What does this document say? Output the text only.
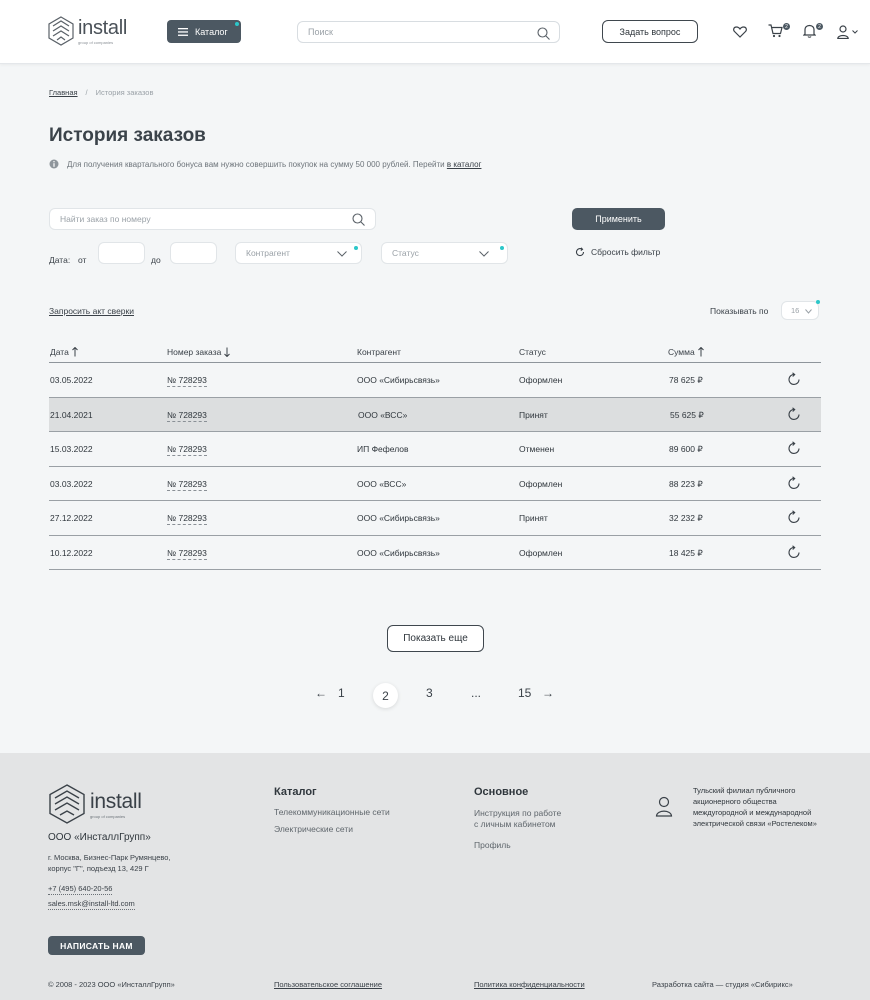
install
group of companies
Каталог	Поиск	Задать вопрос	2	2
Главная / История заказов
История заказов
Для получения квартального бонуса вам нужно совершить покупок на сумму 50 000 рублей. Перейти в каталог
Найти заказ по номеру	Применить
Дата: от	до
Контрагент	Статус	Сбросить фильтр
Запросить акт сверки	Показывать по	16
Дата	Номер заказа	Контрагент	Статус	Сумма
03.05.2022	№ 728293	ООО «Сибирьсвязь»	Оформлен	78 625 ₽
21.04.2021	№ 728293	ООО «ВСС»	Принят	55 625 ₽
15.03.2022	№ 728293	ИП Фефелов	Отменен	89 600 ₽
03.03.2022	№ 728293	ООО «ВСС»	Оформлен	88 223 ₽
27.12.2022	№ 728293	ООО «Сибирьсвязь»	Принят	32 232 ₽
10.12.2022	№ 728293	ООО «Сибирьсвязь»	Оформлен	18 425 ₽
Показать еще
← 1	2	3	...	15 →
install
group of companies
ООО «ИнсталлГрупп»
г. Москва, Бизнес-Парк Румянцево,
корпус "Г", подъезд 13, 429 Г
+7 (495) 640-20-56
sales.msk@install-ltd.com
НАПИСАТЬ НАМ
Каталог
Телекоммуникационные сети
Электрические сети
Основное
Инструкция по работе
с личным кабинетом
Профиль
Тульский филиал публичного
акционерного общества
междугородной и международной
электрической связи «Ростелеком»
© 2008 - 2023 ООО «ИнсталлГрупп»	Пользовательское соглашение	Политика конфиденциальности	Разработка сайта — студия «Сибирикс»
